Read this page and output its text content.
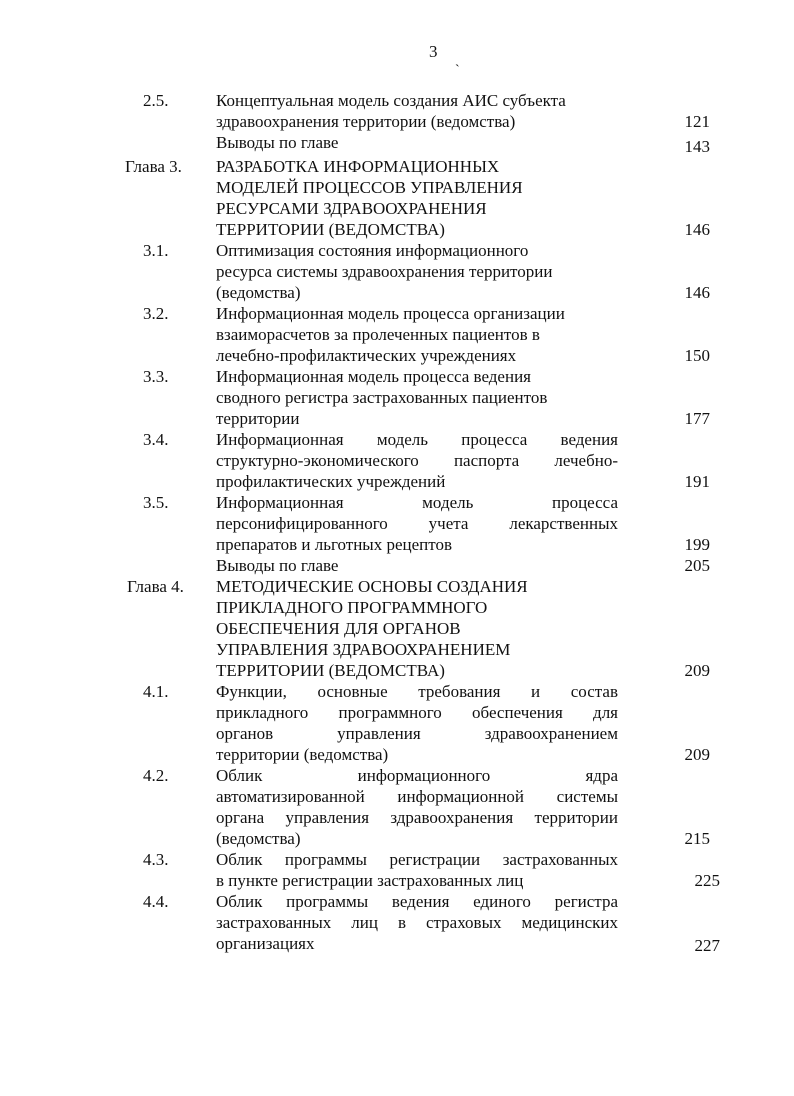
3
`
2.5.	Концептуальная модель создания АИС субъекта
здравоохранения территории (ведомства)	121
Выводы по главе	143
Глава 3. РАЗРАБОТКА ИНФОРМАЦИОННЫХ
МОДЕЛЕЙ ПРОЦЕССОВ УПРАВЛЕНИЯ
РЕСУРСАМИ ЗДРАВООХРАНЕНИЯ
ТЕРРИТОРИИ (ВЕДОМСТВА)	146
3.1.	Оптимизация состояния информационного
ресурса системы здравоохранения территории
(ведомства)	146
3.2.	Информационная модель процесса организации
взаиморасчетов за пролеченных пациентов в
лечебно-профилактических учреждениях	150
3.3.	Информационная модель процесса ведения
сводного регистра застрахованных пациентов
территории	177
3.4.	Информационная модель процесса ведения
структурно-экономического паспорта лечебно-
профилактических учреждений	191
3.5.	Информационная модель процесса
персонифицированного учета лекарственных
препаратов и льготных рецептов	199
Выводы по главе	205
Глава 4. МЕТОДИЧЕСКИЕ ОСНОВЫ СОЗДАНИЯ
ПРИКЛАДНОГО ПРОГРАММНОГО
ОБЕСПЕЧЕНИЯ ДЛЯ ОРГАНОВ
УПРАВЛЕНИЯ ЗДРАВООХРАНЕНИЕМ
ТЕРРИТОРИИ (ВЕДОМСТВА)	209
4.1.	Функции, основные требования и состав
прикладного программного обеспечения для
органов управления здравоохранением
территории (ведомства)	209
4.2.	Облик информационного ядра
автоматизированной информационной системы
органа управления здравоохранения территории
(ведомства)	215
4.3.	Облик программы регистрации застрахованных
в пункте регистрации застрахованных лиц	225
4.4.	Облик программы ведения единого регистра
застрахованных лиц в страховых медицинских
организациях	227
